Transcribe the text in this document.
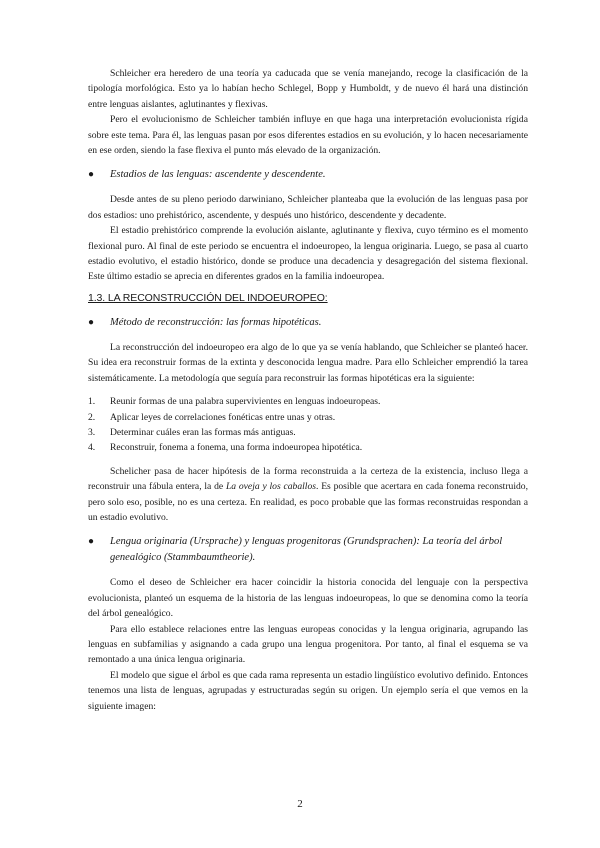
Schleicher era heredero de una teoría ya caducada que se venía manejando, recoge la clasificación de la tipología morfológica. Esto ya lo habían hecho Schlegel, Bopp y Humboldt, y de nuevo él hará una distinción entre lenguas aislantes, aglutinantes y flexivas.

Pero el evolucionismo de Schleicher también influye en que haga una interpretación evolucionista rígida sobre este tema. Para él, las lenguas pasan por esos diferentes estadios en su evolución, y lo hacen necesariamente en ese orden, siendo la fase flexiva el punto más elevado de la organización.

● Estadios de las lenguas: ascendente y descendente.

Desde antes de su pleno periodo darwiniano, Schleicher planteaba que la evolución de las lenguas pasa por dos estadios: uno prehistórico, ascendente, y después uno histórico, descendente y decadente.

El estadio prehistórico comprende la evolución aislante, aglutinante y flexiva, cuyo término es el momento flexional puro. Al final de este periodo se encuentra el indoeuropeo, la lengua originaria. Luego, se pasa al cuarto estadio evolutivo, el estadio histórico, donde se produce una decadencia y desagregación del sistema flexional. Este último estadio se aprecia en diferentes grados en la familia indoeuropea.

1.3. LA RECONSTRUCCIÓN DEL INDOEUROPEO:
● Método de reconstrucción: las formas hipotéticas.

La reconstrucción del indoeuropeo era algo de lo que ya se venía hablando, que Schleicher se planteó hacer. Su idea era reconstruir formas de la extinta y desconocida lengua madre. Para ello Schleicher emprendió la tarea sistemáticamente. La metodología que seguía para reconstruir las formas hipotéticas era la siguiente:

1. Reunir formas de una palabra supervivientes en lenguas indoeuropeas.
2. Aplicar leyes de correlaciones fonéticas entre unas y otras.
3. Determinar cuáles eran las formas más antiguas.
4. Reconstruir, fonema a fonema, una forma indoeuropea hipotética.

Schelicher pasa de hacer hipótesis de la forma reconstruida a la certeza de la existencia, incluso llega a reconstruir una fábula entera, la de La oveja y los caballos. Es posible que acertara en cada fonema reconstruido, pero solo eso, posible, no es una certeza. En realidad, es poco probable que las formas reconstruidas respondan a un estadio evolutivo.

● Lengua originaria (Ursprache) y lenguas progenitoras (Grundsprachen): La teoría del árbol genealógico (Stammbaumtheorie).

Como el deseo de Schleicher era hacer coincidir la historia conocida del lenguaje con la perspectiva evolucionista, planteó un esquema de la historia de las lenguas indoeuropeas, lo que se denomina como la teoría del árbol genealógico.

Para ello establece relaciones entre las lenguas europeas conocidas y la lengua originaria, agrupando las lenguas en subfamilias y asignando a cada grupo una lengua progenitora. Por tanto, al final el esquema se va remontado a una única lengua originaria.

El modelo que sigue el árbol es que cada rama representa un estadio lingüístico evolutivo definido. Entonces tenemos una lista de lenguas, agrupadas y estructuradas según su origen. Un ejemplo sería el que vemos en la siguiente imagen:

2
